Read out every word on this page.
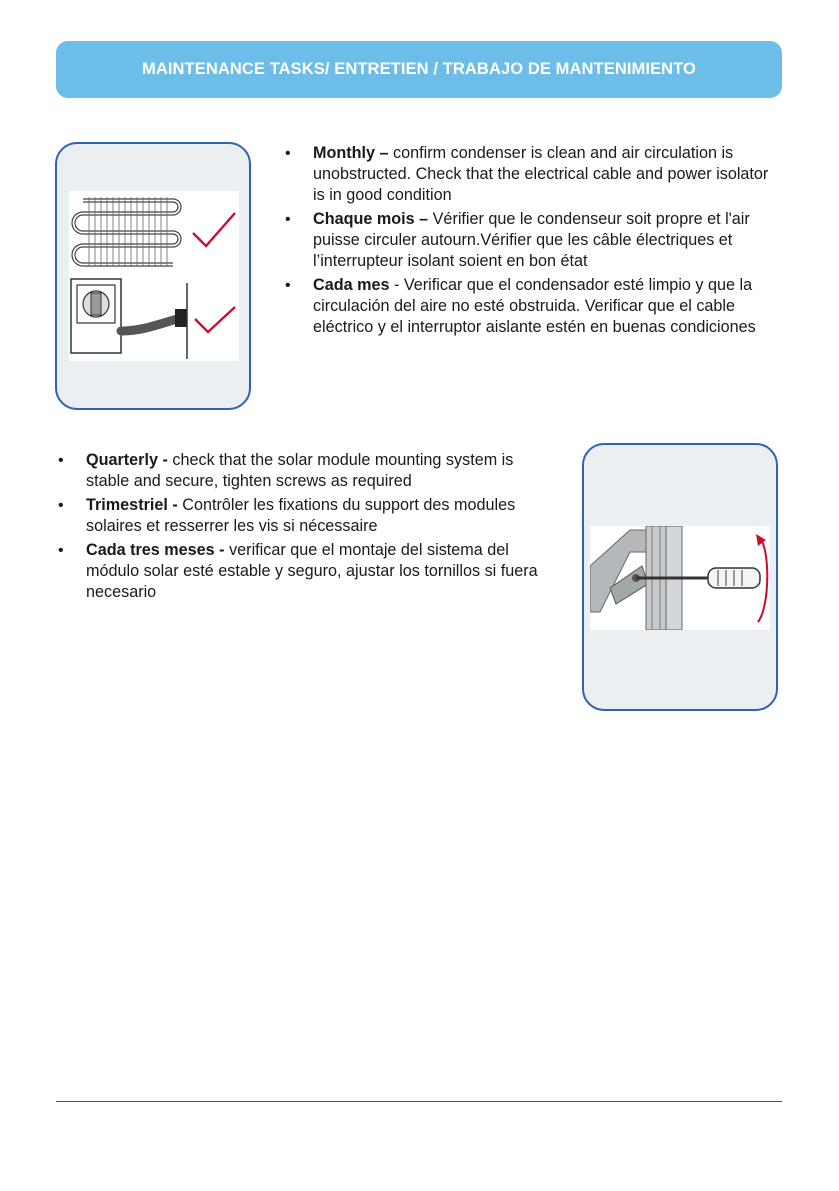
MAINTENANCE TASKS/ ENTRETIEN / TRABAJO DE MANTENIMIENTO
• Monthly – confirm condenser is clean and air circulation is unobstructed. Check that the electrical cable and power isolator is in good condition
• Chaque mois – Vérifier que le condenseur soit propre et l'air puisse circuler autourn.Vérifier que les câble électriques et l’interrupteur isolant soient en bon état
• Cada mes - Verificar que el condensador esté limpio y que la circulación del aire no esté obstruida. Verificar que el cable eléctrico y el interruptor aislante estén en buenas condiciones
• Quarterly - check that the solar module mounting system is stable and secure, tighten screws as required
• Trimestriel - Contrôler les fixations du support des modules solaires et resserrer les vis si nécessaire
• Cada tres meses - verificar que el montaje del sistema del módulo solar esté estable y seguro, ajustar los tornillos si fuera necesario
